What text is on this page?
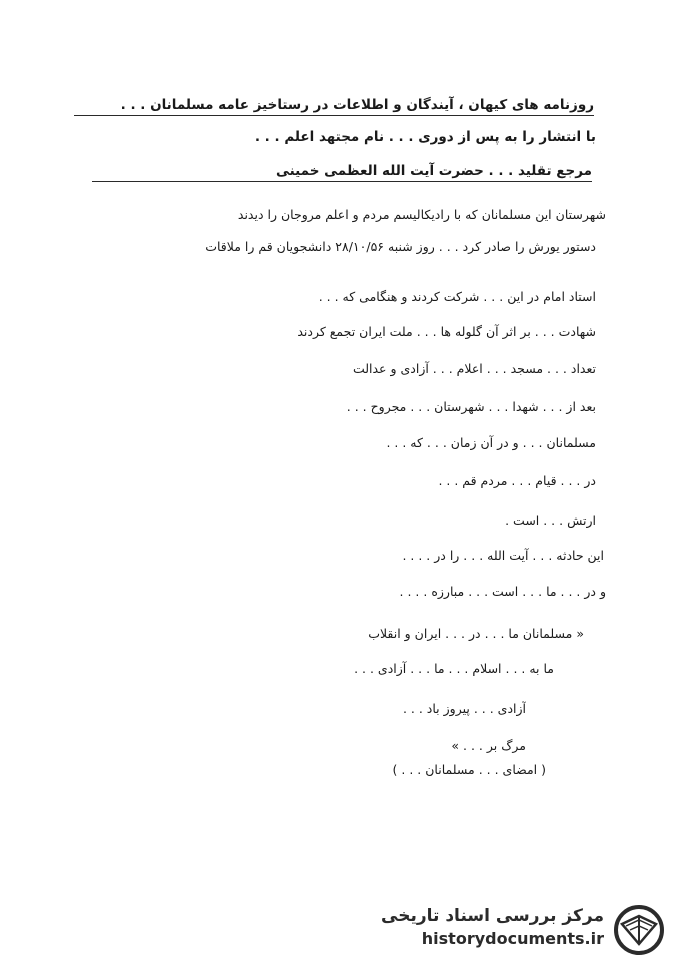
روزنامه های کیهان ، آیندگان و اطلاعات در رستاخیز عامه مسلمانان . . .
با انتشار را به پس از دوری . . . نام مجتهد اعلم . . .
مرجع تقلید . . . حضرت آیت الله العظمی خمینی
شهرستان این مسلمانان که با رادیکالیسم مردم و اعلم مروجان را دیدند
دستور یورش را صادر کرد . . . روز شنبه ۲۸/۱۰/۵۶ دانشجویان قم را ملاقات
استاد امام در این . . . شرکت کردند و هنگامی که . . .
شهادت . . . بر اثر آن گلوله ها . . . ملت ایران تجمع کردند
تعداد . . . مسجد . . . اعلام . . . آزادی و عدالت
بعد از . . . شهدا . . . شهرستان . . . مجروح . . .
مسلمانان . . . و در آن زمان . . . که . . .
در . . . قیام . . . مردم قم . . .
ارتش . . . است .
این حادثه . . . آیت الله . . . را در . . . .
و در . . . ما . . . است . . . مبارزه . . . .
« مسلمانان ما . . . در . . . ایران و انقلاب
ما به . . . اسلام . . . ما . . . آزادی . . .
آزادی . . . پیروز باد . . .
مرگ بر . . . »
( امضای . . . مسلمانان . . . )
مرکز بررسی اسناد تاریخی
historydocuments.ir
